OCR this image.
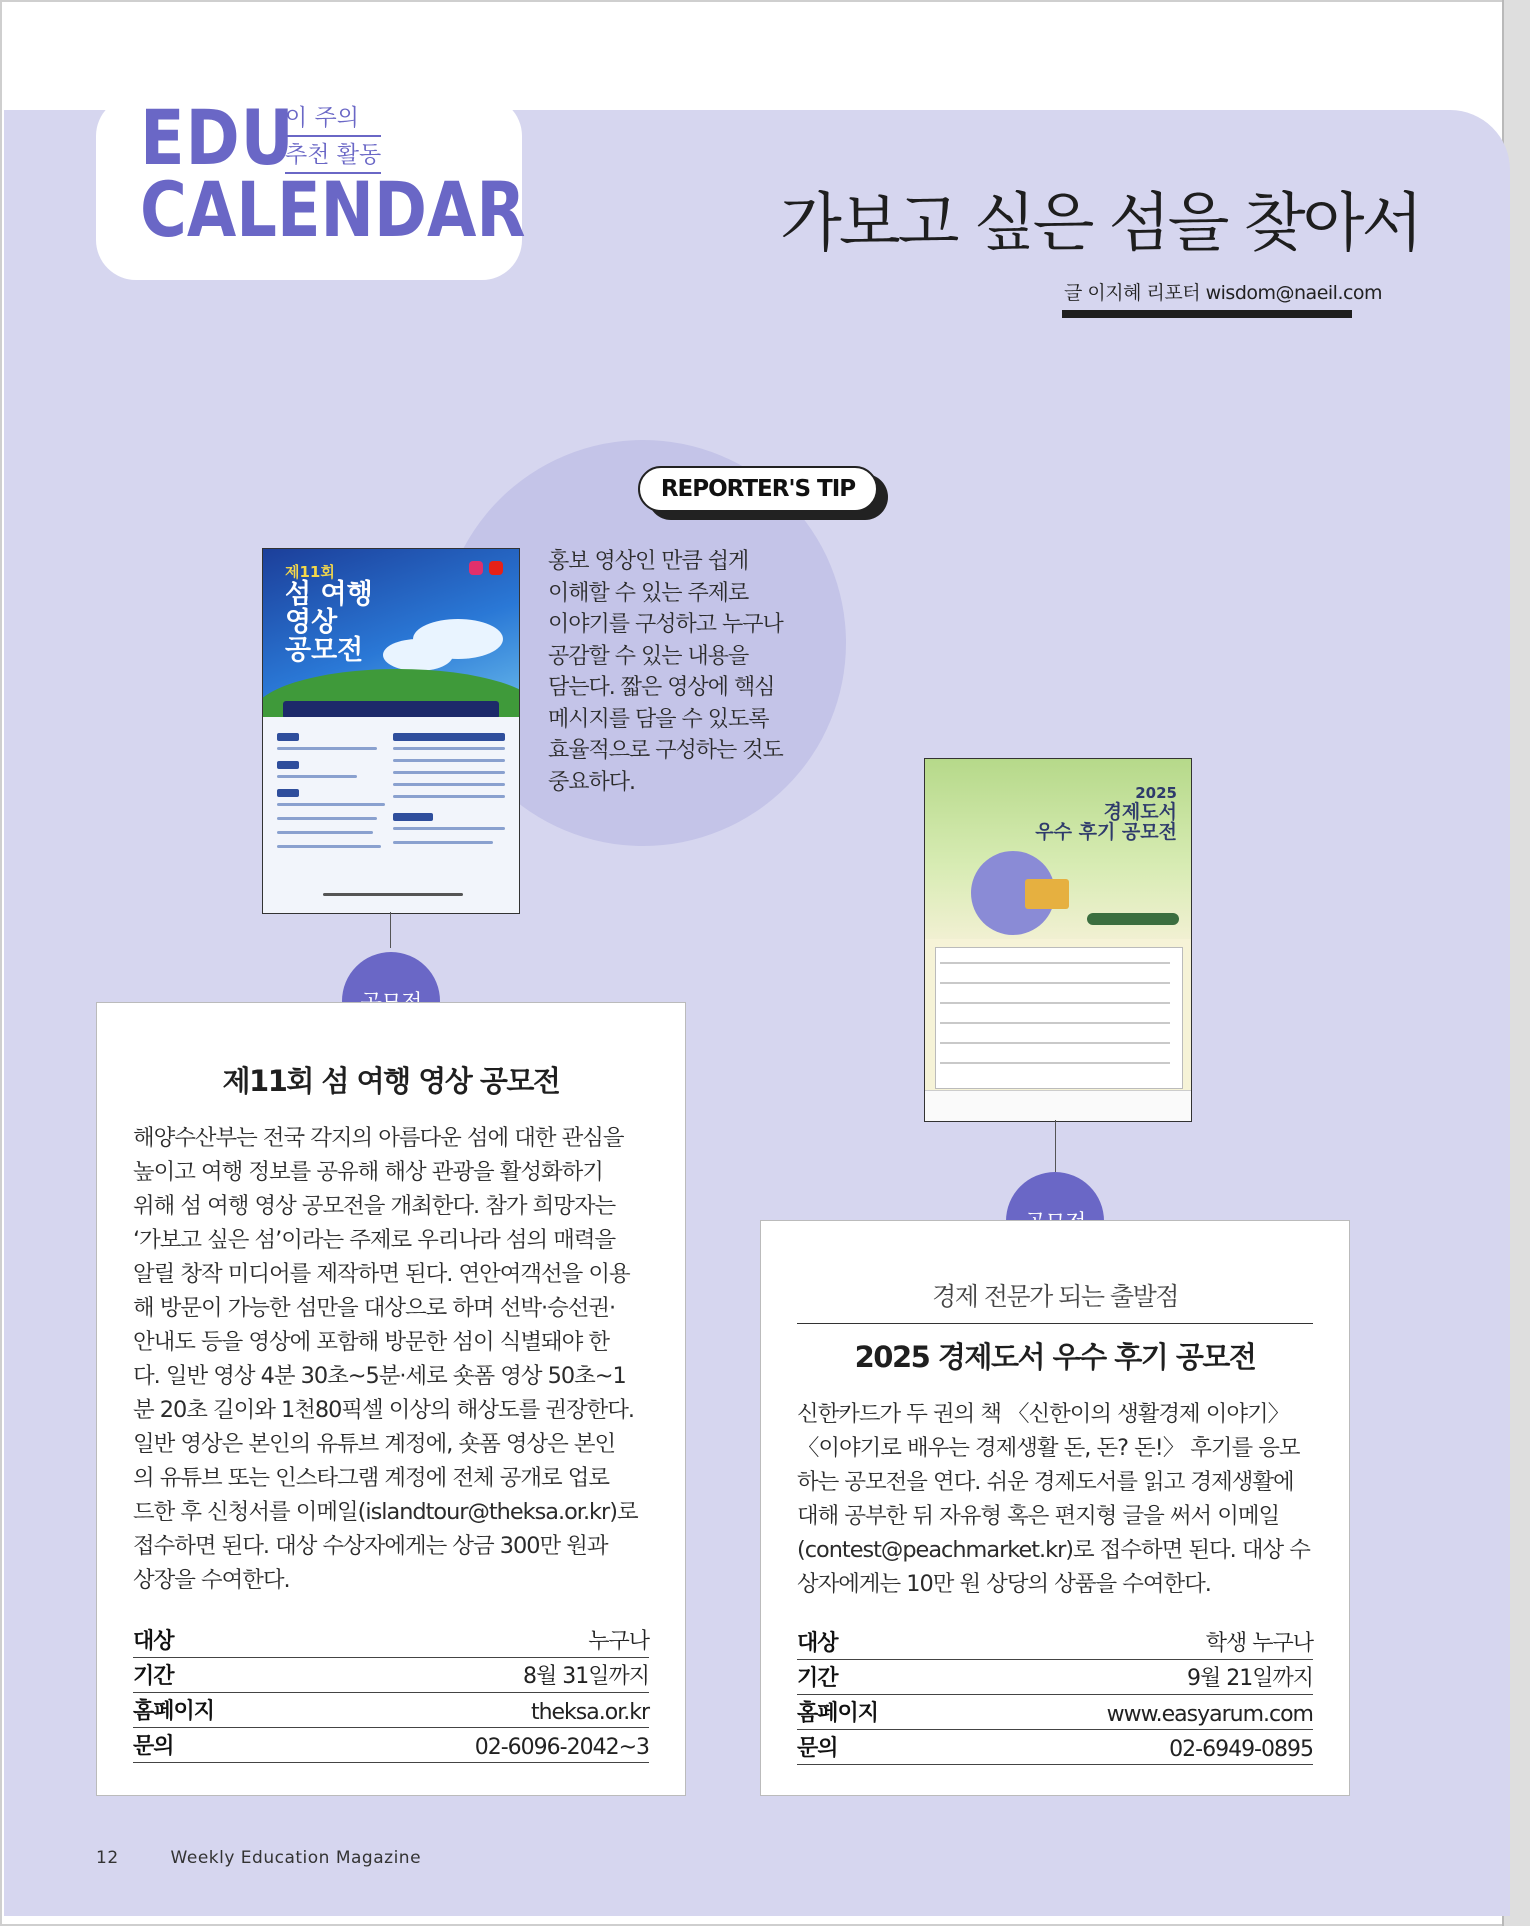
EDU
CALENDAR
이 주의
추천 활동
가보고 싶은 섬을 찾아서
글 이지혜 리포터 wisdom@naeil.com
REPORTER'S TIP
홍보 영상인 만큼 쉽게
이해할 수 있는 주제로
이야기를 구성하고 누구나
공감할 수 있는 내용을
담는다. 짧은 영상에 핵심
메시지를 담을 수 있도록
효율적으로 구성하는 것도
중요하다.
제11회
섬 여행
영상
공모전
2025
경제도서
우수 후기 공모전
제11회 섬 여행 영상 공모전
해양수산부는 전국 각지의 아름다운 섬에 대한 관심을
높이고 여행 정보를 공유해 해상 관광을 활성화하기
위해 섬 여행 영상 공모전을 개최한다. 참가 희망자는
‘가보고 싶은 섬’이라는 주제로 우리나라 섬의 매력을
알릴 창작 미디어를 제작하면 된다. 연안여객선을 이용
해 방문이 가능한 섬만을 대상으로 하며 선박·승선권·
안내도 등을 영상에 포함해 방문한 섬이 식별돼야 한
다. 일반 영상 4분 30초~5분·세로 숏폼 영상 50초~1
분 20초 길이와 1천80픽셀 이상의 해상도를 권장한다.
일반 영상은 본인의 유튜브 계정에, 숏폼 영상은 본인
의 유튜브 또는 인스타그램 계정에 전체 공개로 업로
드한 후 신청서를 이메일(islandtour@theksa.or.kr)로
접수하면 된다. 대상 수상자에게는 상금 300만 원과
상장을 수여한다.
대상	누구나
기간	8월 31일까지
홈페이지	theksa.or.kr
문의	02-6096-2042~3
경제 전문가 되는 출발점
2025 경제도서 우수 후기 공모전
신한카드가 두 권의 책 〈신한이의 생활경제 이야기〉
〈이야기로 배우는 경제생활 돈, 돈? 돈!〉 후기를 응모
하는 공모전을 연다. 쉬운 경제도서를 읽고 경제생활에
대해 공부한 뒤 자유형 혹은 편지형 글을 써서 이메일
(contest@peachmarket.kr)로 접수하면 된다. 대상 수
상자에게는 10만 원 상당의 상품을 수여한다.
대상	학생 누구나
기간	9월 21일까지
홈페이지	www.easyarum.com
문의	02-6949-0895
12	Weekly Education Magazine
